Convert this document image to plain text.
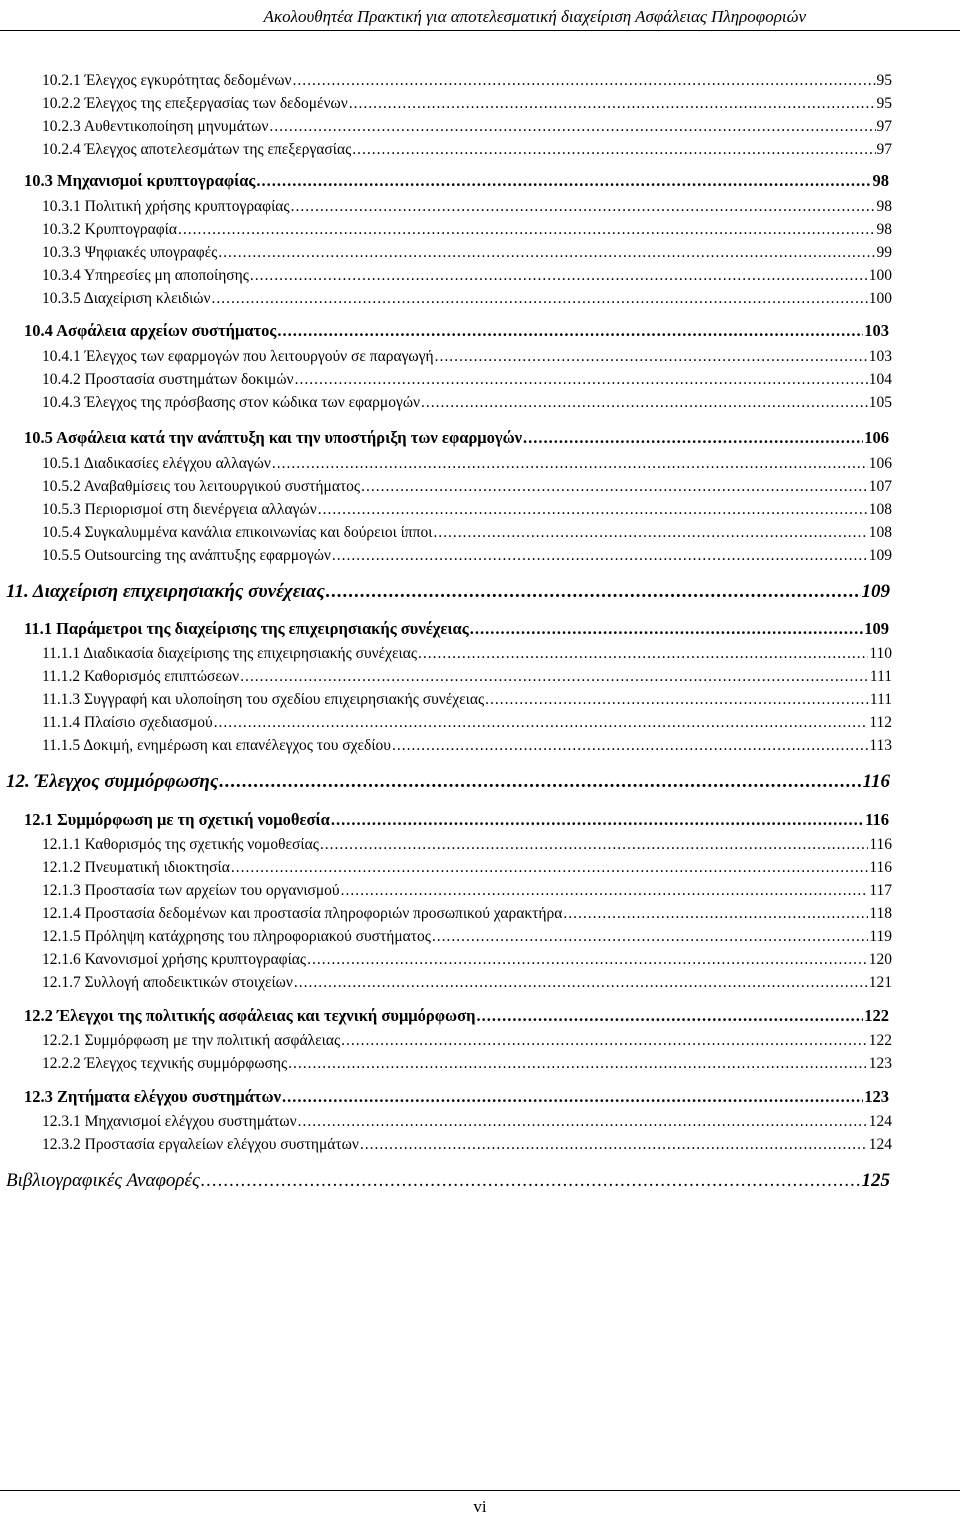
Ακολουθητέα Πρακτική για αποτελεσματική διαχείριση Ασφάλειας Πληροφοριών
10.2.1 Έλεγχος εγκυρότητας δεδομένων .....	95
10.2.2 Έλεγχος της επεξεργασίας των δεδομένων .....	95
10.2.3 Αυθεντικοποίηση μηνυμάτων .....	97
10.2.4 Έλεγχος αποτελεσμάτων της επεξεργασίας .....	97
10.3 Μηχανισμοί κρυπτογραφίας .....	98
10.3.1 Πολιτική χρήσης κρυπτογραφίας .....	98
10.3.2 Κρυπτογραφία .....	98
10.3.3 Ψηφιακές υπογραφές .....	99
10.3.4 Υπηρεσίες μη αποποίησης .....	100
10.3.5 Διαχείριση κλειδιών .....	100
10.4 Ασφάλεια αρχείων συστήματος .....	103
10.4.1 Έλεγχος των εφαρμογών που λειτουργούν σε παραγωγή .....	103
10.4.2 Προστασία συστημάτων δοκιμών .....	104
10.4.3 Έλεγχος της πρόσβασης στον κώδικα των εφαρμογών .....	105
10.5 Ασφάλεια κατά την ανάπτυξη και την υποστήριξη των εφαρμογών .....	106
10.5.1 Διαδικασίες ελέγχου αλλαγών .....	106
10.5.2 Αναβαθμίσεις του λειτουργικού συστήματος .....	107
10.5.3 Περιορισμοί στη διενέργεια αλλαγών .....	108
10.5.4 Συγκαλυμμένα κανάλια επικοινωνίας και δούρειοι ίπποι .....	108
10.5.5 Outsourcing της ανάπτυξης εφαρμογών .....	109
11. Διαχείριση επιχειρησιακής συνέχειας .....	109
11.1 Παράμετροι της διαχείρισης της επιχειρησιακής συνέχειας .....	109
11.1.1 Διαδικασία διαχείρισης της επιχειρησιακής συνέχειας .....	110
11.1.2 Καθορισμός επιπτώσεων .....	111
11.1.3 Συγγραφή και υλοποίηση του σχεδίου επιχειρησιακής συνέχειας .....	111
11.1.4 Πλαίσιο σχεδιασμού .....	112
11.1.5 Δοκιμή, ενημέρωση και επανέλεγχος του σχεδίου .....	113
12. Έλεγχος συμμόρφωσης .....	116
12.1 Συμμόρφωση με τη σχετική νομοθεσία .....	116
12.1.1 Καθορισμός της σχετικής νομοθεσίας .....	116
12.1.2 Πνευματική ιδιοκτησία .....	116
12.1.3 Προστασία των αρχείων του οργανισμού .....	117
12.1.4 Προστασία δεδομένων και προστασία πληροφοριών προσωπικού χαρακτήρα .....	118
12.1.5 Πρόληψη κατάχρησης του πληροφοριακού συστήματος .....	119
12.1.6 Κανονισμοί χρήσης κρυπτογραφίας .....	120
12.1.7 Συλλογή αποδεικτικών στοιχείων .....	121
12.2 Έλεγχοι της πολιτικής ασφάλειας και τεχνική συμμόρφωση .....	122
12.2.1 Συμμόρφωση με την πολιτική ασφάλειας .....	122
12.2.2 Έλεγχος τεχνικής συμμόρφωσης .....	123
12.3 Ζητήματα ελέγχου συστημάτων .....	123
12.3.1 Μηχανισμοί ελέγχου συστημάτων .....	124
12.3.2 Προστασία εργαλείων ελέγχου συστημάτων .....	124
Βιβλιογραφικές Αναφορές .....	125
vi
